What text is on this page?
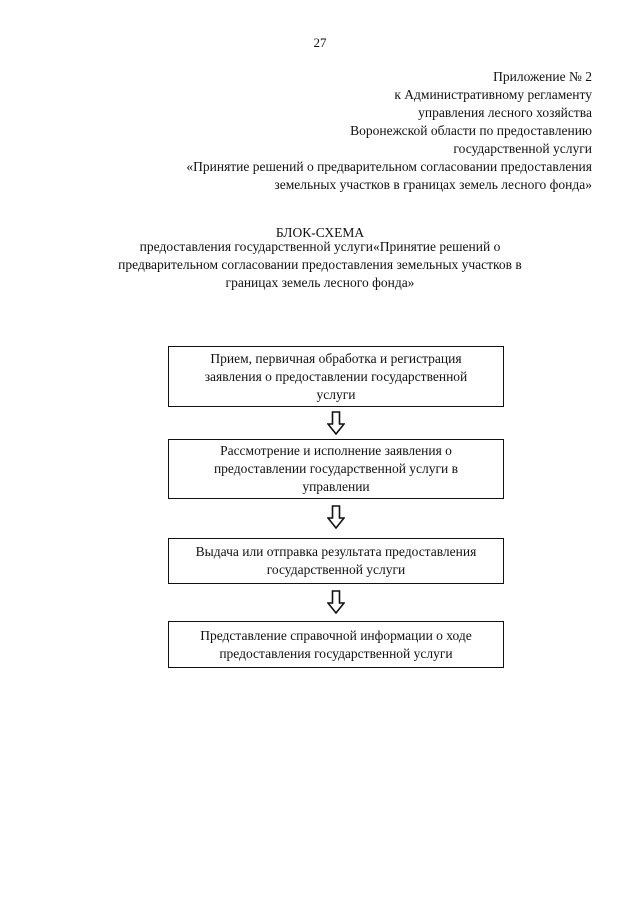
27
Приложение № 2
к Административному регламенту
управления лесного хозяйства
Воронежской области по предоставлению
государственной услуги
«Принятие решений о предварительном согласовании предоставления
земельных участков в границах земель лесного фонда»
БЛОК-СХЕМА
предоставления государственной услуги«Принятие решений о
предварительном согласовании предоставления земельных участков в
границах земель лесного фонда»
Прием, первичная обработка и регистрация
заявления о предоставлении государственной
услуги
Рассмотрение и исполнение заявления о
предоставлении государственной услуги в
управлении
Выдача или отправка результата предоставления
государственной услуги
Представление справочной информации о ходе
предоставления государственной услуги
